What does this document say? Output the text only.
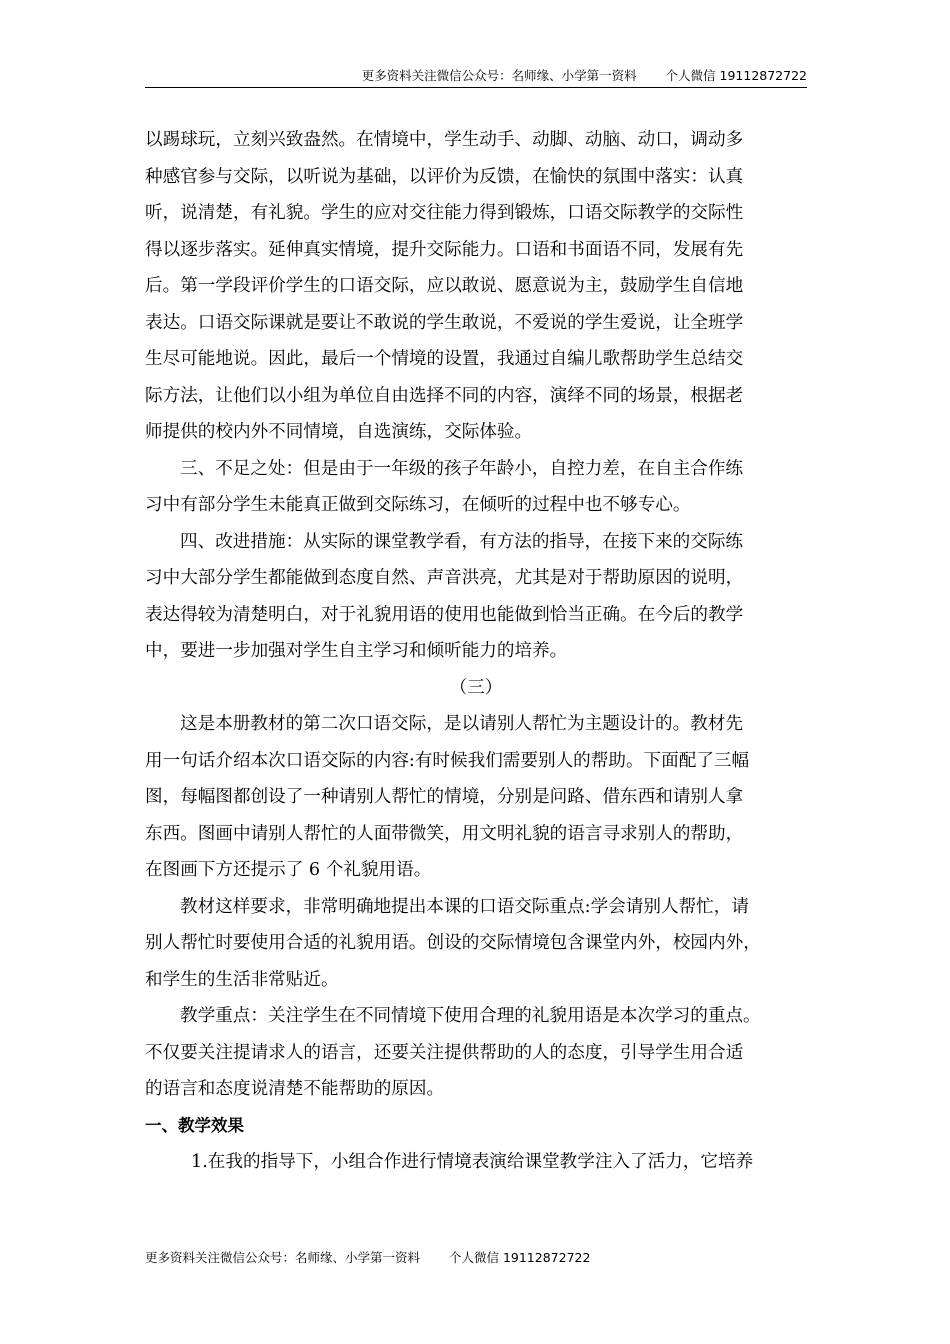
更多资料关注微信公众号：名师缘、小学第一资料　　 个人微信 19112872722
以踢球玩，立刻兴致盎然。在情境中，学生动手、动脚、动脑、动口，调动多
种感官参与交际，以听说为基础，以评价为反馈，在愉快的氛围中落实：认真
听，说清楚，有礼貌。学生的应对交往能力得到锻炼，口语交际教学的交际性
得以逐步落实。延伸真实情境，提升交际能力。口语和书面语不同，发展有先
后。第一学段评价学生的口语交际，应以敢说、愿意说为主，鼓励学生自信地
表达。口语交际课就是要让不敢说的学生敢说，不爱说的学生爱说，让全班学
生尽可能地说。因此，最后一个情境的设置，我通过自编儿歌帮助学生总结交
际方法，让他们以小组为单位自由选择不同的内容，演绎不同的场景，根据老
师提供的校内外不同情境，自选演练，交际体验。
三、不足之处：但是由于一年级的孩子年龄小，自控力差，在自主合作练
习中有部分学生未能真正做到交际练习，在倾听的过程中也不够专心。
四、改进措施：从实际的课堂教学看，有方法的指导，在接下来的交际练
习中大部分学生都能做到态度自然、声音洪亮，尤其是对于帮助原因的说明，
表达得较为清楚明白，对于礼貌用语的使用也能做到恰当正确。在今后的教学
中，要进一步加强对学生自主学习和倾听能力的培养。
（三）
这是本册教材的第二次口语交际，是以请别人帮忙为主题设计的。教材先
用一句话介绍本次口语交际的内容:有时候我们需要别人的帮助。下面配了三幅
图，每幅图都创设了一种请别人帮忙的情境，分别是问路、借东西和请别人拿
东西。图画中请别人帮忙的人面带微笑，用文明礼貌的语言寻求别人的帮助，
在图画下方还提示了 6 个礼貌用语。
教材这样要求，非常明确地提出本课的口语交际重点:学会请别人帮忙，请
别人帮忙时要使用合适的礼貌用语。创设的交际情境包含课堂内外，校园内外，
和学生的生活非常贴近。
教学重点：关注学生在不同情境下使用合理的礼貌用语是本次学习的重点。
不仅要关注提请求人的语言，还要关注提供帮助的人的态度，引导学生用合适
的语言和态度说清楚不能帮助的原因。
一、教学效果
1.在我的指导下，小组合作进行情境表演给课堂教学注入了活力，它培养
更多资料关注微信公众号：名师缘、小学第一资料　　 个人微信 19112872722
